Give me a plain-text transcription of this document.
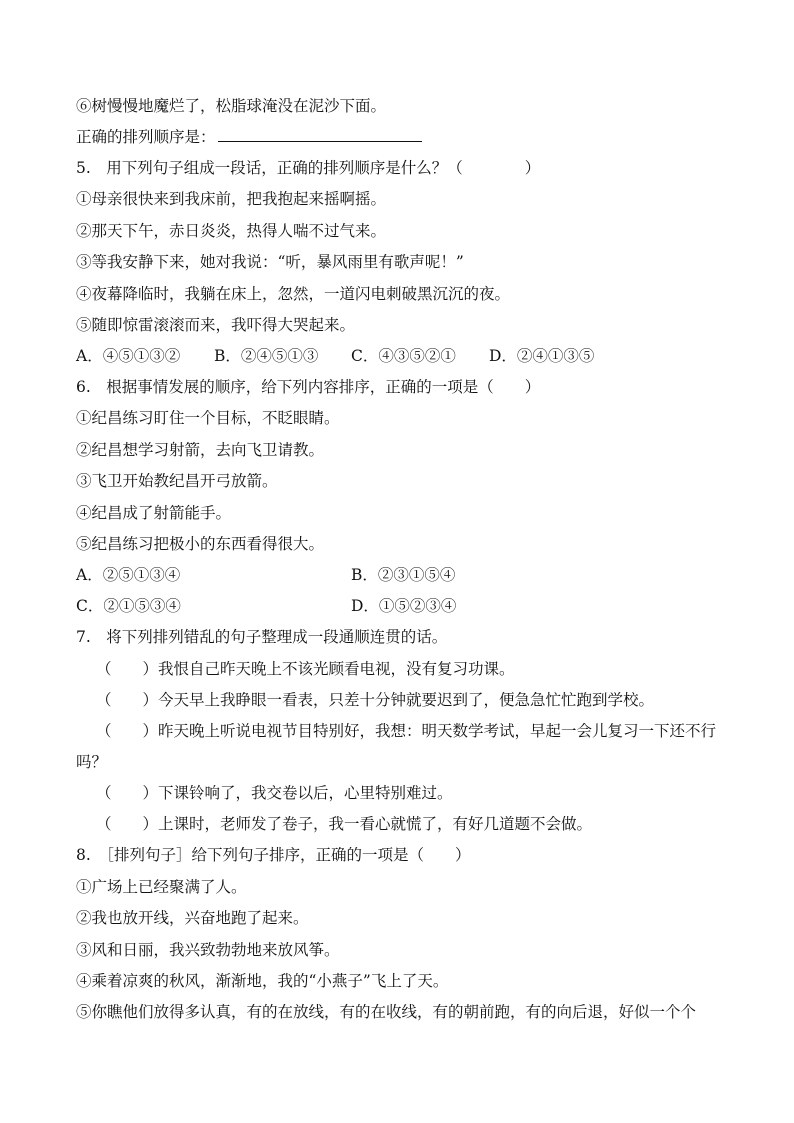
⑥树慢慢地魔烂了，松脂球淹没在泥沙下面。
正确的排列顺序是：
5.　用下列句子组成一段话，正确的排列顺序是什么？（　　　　）
①母亲很快来到我床前，把我抱起来摇啊摇。
②那天下午，赤日炎炎，热得人喘不过气来。
③等我安静下来，她对我说：“听，暴风雨里有歌声呢！”
④夜幕降临时，我躺在床上，忽然，一道闪电刺破黑沉沉的夜。
⑤随即惊雷滚滚而来，我吓得大哭起来。
A．④⑤①③② B．②④⑤①③ C．④③⑤②① D．②④①③⑤
6.　根据事情发展的顺序，给下列内容排序，正确的一项是（　　）
①纪昌练习盯住一个目标，不眨眼睛。
②纪昌想学习射箭，去向飞卫请教。
③飞卫开始教纪昌开弓放箭。
④纪昌成了射箭能手。
⑤纪昌练习把极小的东西看得很大。
A．②⑤①③④	B．②③①⑤④
C．②①⑤③④	D．①⑤②③④
7.　将下列排列错乱的句子整理成一段通顺连贯的话。
（　　）我恨自己昨天晚上不该光顾看电视，没有复习功课。
（　　）今天早上我睁眼一看表，只差十分钟就要迟到了，便急急忙忙跑到学校。
（　　）昨天晚上听说电视节目特别好，我想：明天数学考试，早起一会儿复习一下还不行
吗？
（　　）下课铃响了，我交卷以后，心里特别难过。
（　　）上课时，老师发了卷子，我一看心就慌了，有好几道题不会做。
8.　［排列句子］给下列句子排序，正确的一项是（　　）
①广场上已经聚满了人。
②我也放开线，兴奋地跑了起来。
③风和日丽，我兴致勃勃地来放风筝。
④乘着凉爽的秋风，渐渐地，我的“小燕子”飞上了天。
⑤你瞧他们放得多认真，有的在放线，有的在收线，有的朝前跑，有的向后退，好似一个个
